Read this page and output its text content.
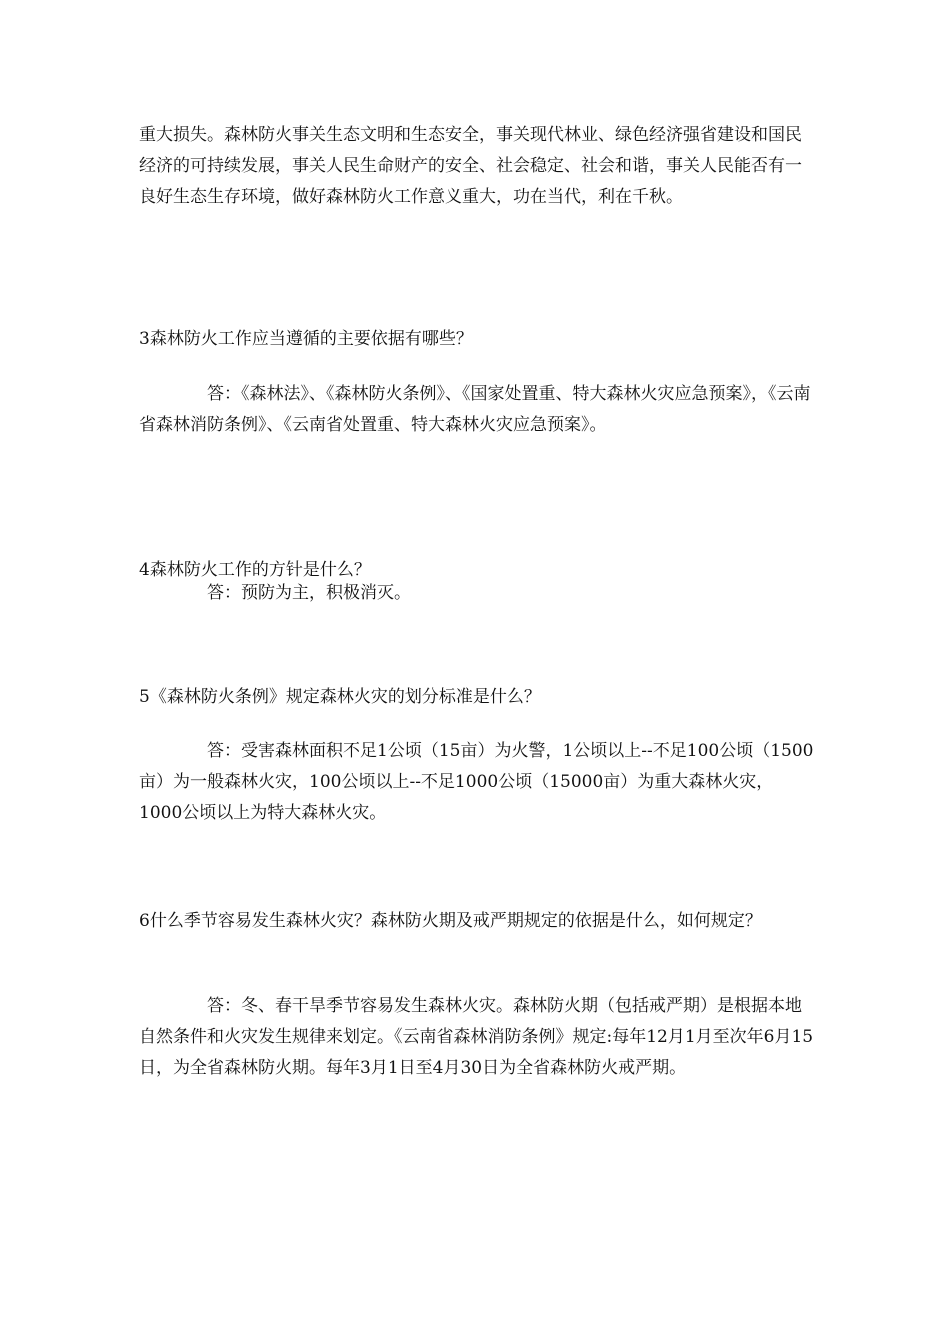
重大损失。森林防火事关生态文明和生态安全，事关现代林业、绿色经济强省建设和国民经济的可持续发展，事关人民生命财产的安全、社会稳定、社会和谐，事关人民能否有一良好生态生存环境，做好森林防火工作意义重大，功在当代，利在千秋。

3森林防火工作应当遵循的主要依据有哪些？

答：《森林法》、《森林防火条例》、《国家处置重、特大森林火灾应急预案》，《云南省森林消防条例》、《云南省处置重、特大森林火灾应急预案》。

4森林防火工作的方针是什么？

答：预防为主，积极消灭。

5《森林防火条例》规定森林火灾的划分标准是什么？

答：受害森林面积不足1公顷（15亩）为火警，1公顷以上--不足100公顷（1500亩）为一般森林火灾，100公顷以上--不足1000公顷（15000亩）为重大森林火灾，1000公顷以上为特大森林火灾。

6什么季节容易发生森林火灾？森林防火期及戒严期规定的依据是什么，如何规定？

答：冬、春干旱季节容易发生森林火灾。森林防火期（包括戒严期）是根据本地自然条件和火灾发生规律来划定。《云南省森林消防条例》规定:每年12月1月至次年6月15日，为全省森林防火期。每年3月1日至4月30日为全省森林防火戒严期。
